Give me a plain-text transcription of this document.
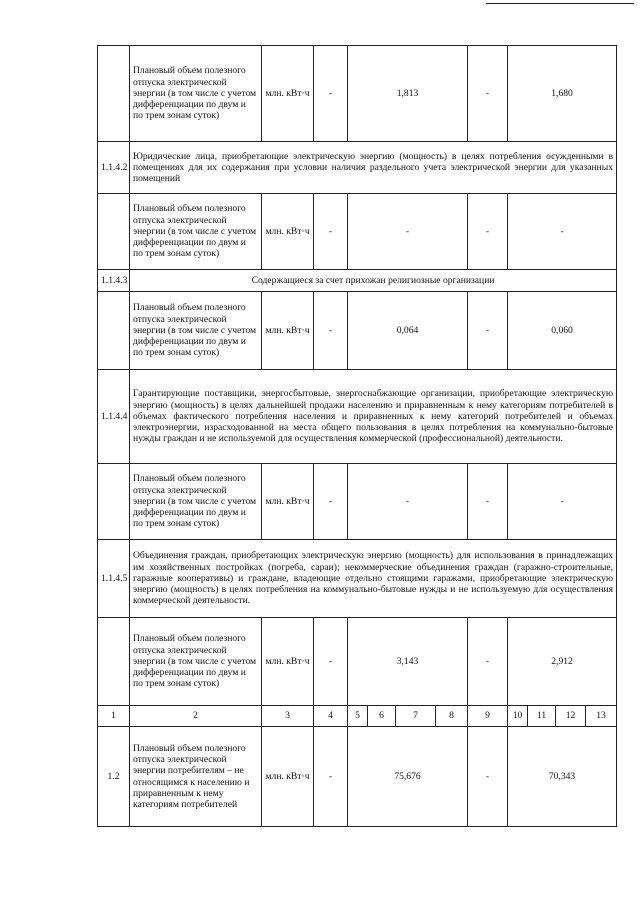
	Плановый объем полезного отпуска электрической энергии (в том числе с учетом дифференциации по двум и по трем зонам суток)	млн. кВт·ч	-	1,813				-	1,680			
1.1.4.2	Юридические лица, приобретающие электрическую энергию (мощность) в целях потребления осужденными в помещениях для их содержания при условии наличия раздельного учета электрической энергии для указанных помещений											
	Плановый объем полезного отпуска электрической энергии (в том числе с учетом дифференциации по двум и по трем зонам суток)	млн. кВт·ч	-	-				-	-			
1.1.4.3	Содержащиеся за счет прихожан религиозные организации											
	Плановый объем полезного отпуска электрической энергии (в том числе с учетом дифференциации по двум и по трем зонам суток)	млн. кВт·ч	-	0,064				-	0,060			
1.1.4.4	Гарантирующие поставщики, энергосбытовые, энергоснабжающие организации, приобретающие электрическую энергию (мощность) в целях дальнейшей продажи населению и приравненным к нему категориям потребителей в объемах фактического потребления населения и приравненных к нему категорий потребителей и объемах электроэнергии, израсходованной на места общего пользования в целях потребления на коммунально-бытовые нужды граждан и не используемой для осуществления коммерческой (профессиональной) деятельности.											
	Плановый объем полезного отпуска электрической энергии (в том числе с учетом дифференциации по двум и по трем зонам суток)	млн. кВт·ч	-	-				-	-			
1.1.4.5	Объединения граждан, приобретающих электрическую энергию (мощность) для использования в принадлежащих им хозяйственных постройках (погреба, сараи); некоммерческие объединения граждан (гаражно-строительные, гаражные кооперативы) и граждане, владеющие отдельно стоящими гаражами, приобретающие электрическую энергию (мощность) в целях потребления на коммунально-бытовые нужды и не используемую для осуществления коммерческой деятельности.											
	Плановый объем полезного отпуска электрической энергии (в том числе с учетом дифференциации по двум и по трем зонам суток)	млн. кВт·ч	-	3,143				-	2,912			
1	2	3	4	5	6	7	8	9	10	11	12	13
1.2	Плановый объем полезного отпуска электрической энергии потребителям – не относящимся к населению и приравненным к нему категориям потребителей	млн. кВт·ч	-	75,676				-	70,343			
